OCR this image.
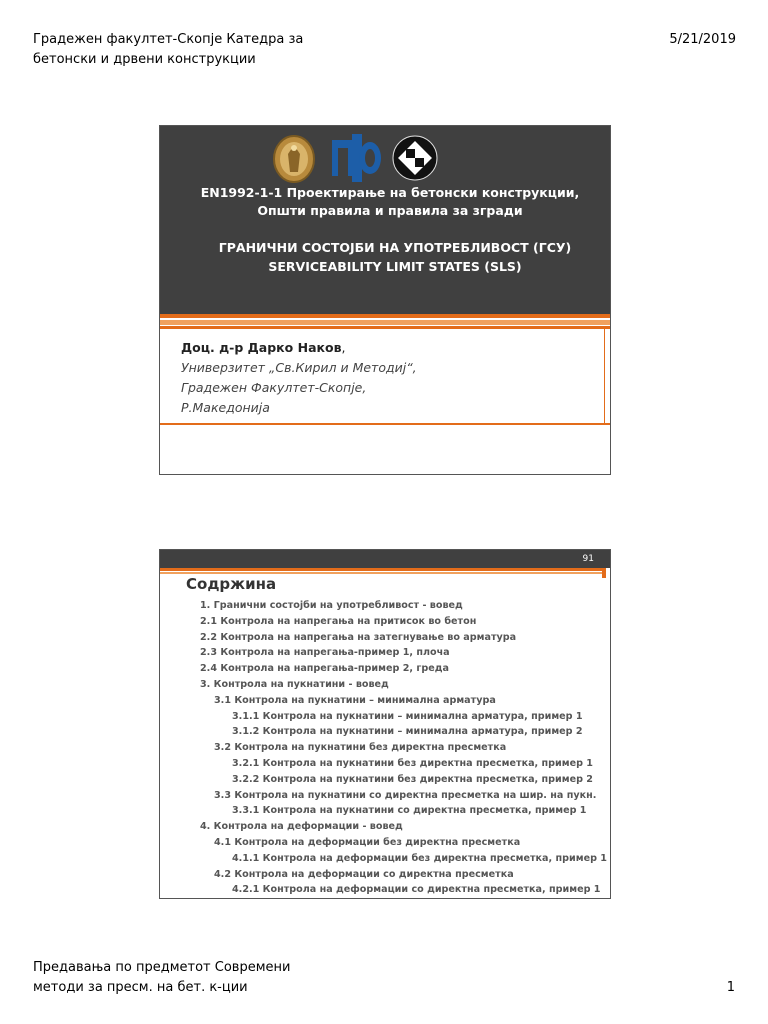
Градежен факултет-Скопје Катедра за
бетонски и дрвени конструкции
5/21/2019
EN1992-1-1 Проектирање на бетонски конструкции,
Општи правила и правила за згради
ГРАНИЧНИ СОСТОЈБИ НА УПОТРЕБЛИВОСТ (ГСУ)
SERVICEABILITY LIMIT STATES (SLS)
Доц. д-р Дарко Наков,
Универзитет „Св.Кирил и Методиј“,
Градежен Факултет-Скопје,
Р.Македонија
91
Содржина
1. Гранични состојби на употребливост - вовед
2.1 Контрола на напрегања на притисок во бетон
2.2 Контрола на напрегања на затегнување во арматура
2.3 Контрола на напрегања-пример 1, плоча
2.4 Контрола на напрегања-пример 2, греда
3. Контрола на пукнатини - вовед
3.1 Контрола на пукнатини – минимална арматура
3.1.1 Контрола на пукнатини – минимална арматура, пример 1
3.1.2 Контрола на пукнатини – минимална арматура, пример 2
3.2 Контрола на пукнатини без директна пресметка
3.2.1 Контрола на пукнатини без директна пресметка, пример 1
3.2.2 Контрола на пукнатини без директна пресметка, пример 2
3.3 Контрола на пукнатини со директна пресметка на шир. на пукн.
3.3.1 Контрола на пукнатини со директна пресметка, пример 1
4. Контрола на деформации - вовед
4.1 Контрола на деформации без директна пресметка
4.1.1 Контрола на деформации без директна пресметка, пример 1
4.2 Контрола на деформации со директна пресметка
4.2.1 Контрола на деформации со директна пресметка, пример 1
Предавања по предметот Современи
методи за пресм. на бет. к-ции	1
